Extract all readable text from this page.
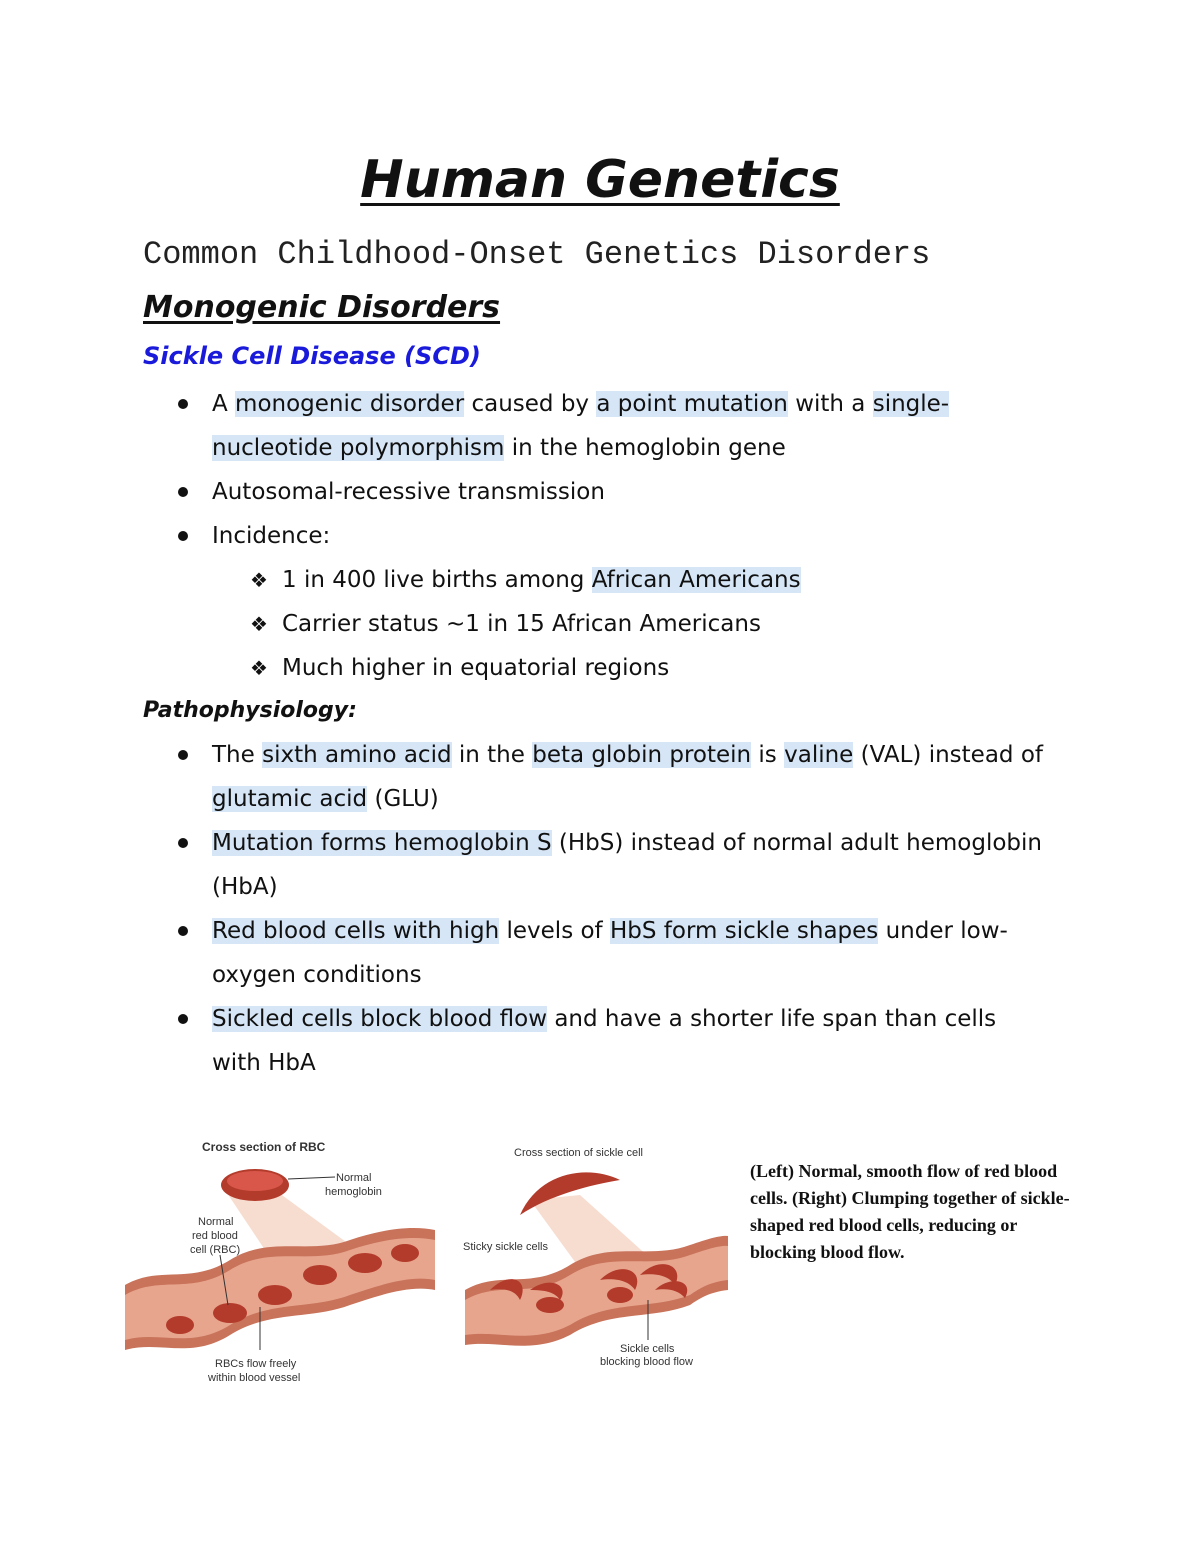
Human Genetics

Common Childhood-Onset Genetics Disorders

Monogenic Disorders
Sickle Cell Disease (SCD)
A monogenic disorder caused by a point mutation with a single-nucleotide polymorphism in the hemoglobin gene
Autosomal-recessive transmission
Incidence:
❖ 1 in 400 live births among African Americans
❖ Carrier status ~1 in 15 African Americans
❖ Much higher in equatorial regions
Pathophysiology:
The sixth amino acid in the beta globin protein is valine (VAL) instead of glutamic acid (GLU)
Mutation forms hemoglobin S (HbS) instead of normal adult hemoglobin (HbA)
Red blood cells with high levels of HbS form sickle shapes under low-oxygen conditions
Sickled cells block blood flow and have a shorter life span than cells with HbA
Cross section of RBC
Normal
hemoglobin
Normal
red blood
cell (RBC)
RBCs flow freely
within blood vessel
Cross section of sickle cell
Sticky sickle cells
Sickle cells
blocking blood flow

(Left) Normal, smooth flow of red blood cells. (Right) Clumping together of sickle-shaped red blood cells, reducing or blocking blood flow.
